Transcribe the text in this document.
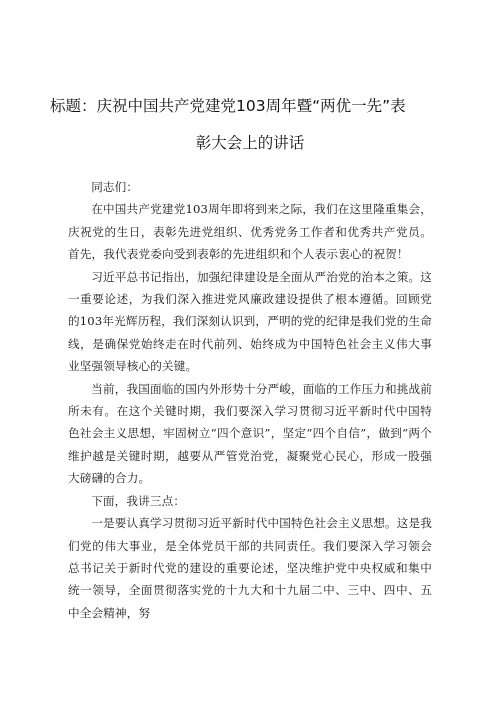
标题：庆祝中国共产党建党103周年暨“两优一先”表
彰大会上的讲话

同志们：

在中国共产党建党103周年即将到来之际，我们在这里隆重集会，庆祝党的生日，表彰先进党组织、优秀党务工作者和优秀共产党员。首先，我代表党委向受到表彰的先进组织和个人表示衷心的祝贺！

习近平总书记指出，加强纪律建设是全面从严治党的治本之策。这一重要论述，为我们深入推进党风廉政建设提供了根本遵循。回顾党的103年光辉历程，我们深刻认识到，严明的党的纪律是我们党的生命线，是确保党始终走在时代前列、始终成为中国特色社会主义伟大事业坚强领导核心的关键。

当前，我国面临的国内外形势十分严峻，面临的工作压力和挑战前所未有。在这个关键时期，我们要深入学习贯彻习近平新时代中国特色社会主义思想，牢固树立“四个意识”，坚定“四个自信”，做到“两个维护越是关键时期，越要从严管党治党，凝聚党心民心，形成一股强大磅礴的合力。

下面，我讲三点：

一是要认真学习贯彻习近平新时代中国特色社会主义思想。这是我们党的伟大事业，是全体党员干部的共同责任。我们要深入学习领会总书记关于新时代党的建设的重要论述，坚决维护党中央权威和集中统一领导，全面贯彻落实党的十九大和十九届二中、三中、四中、五中全会精神，努
